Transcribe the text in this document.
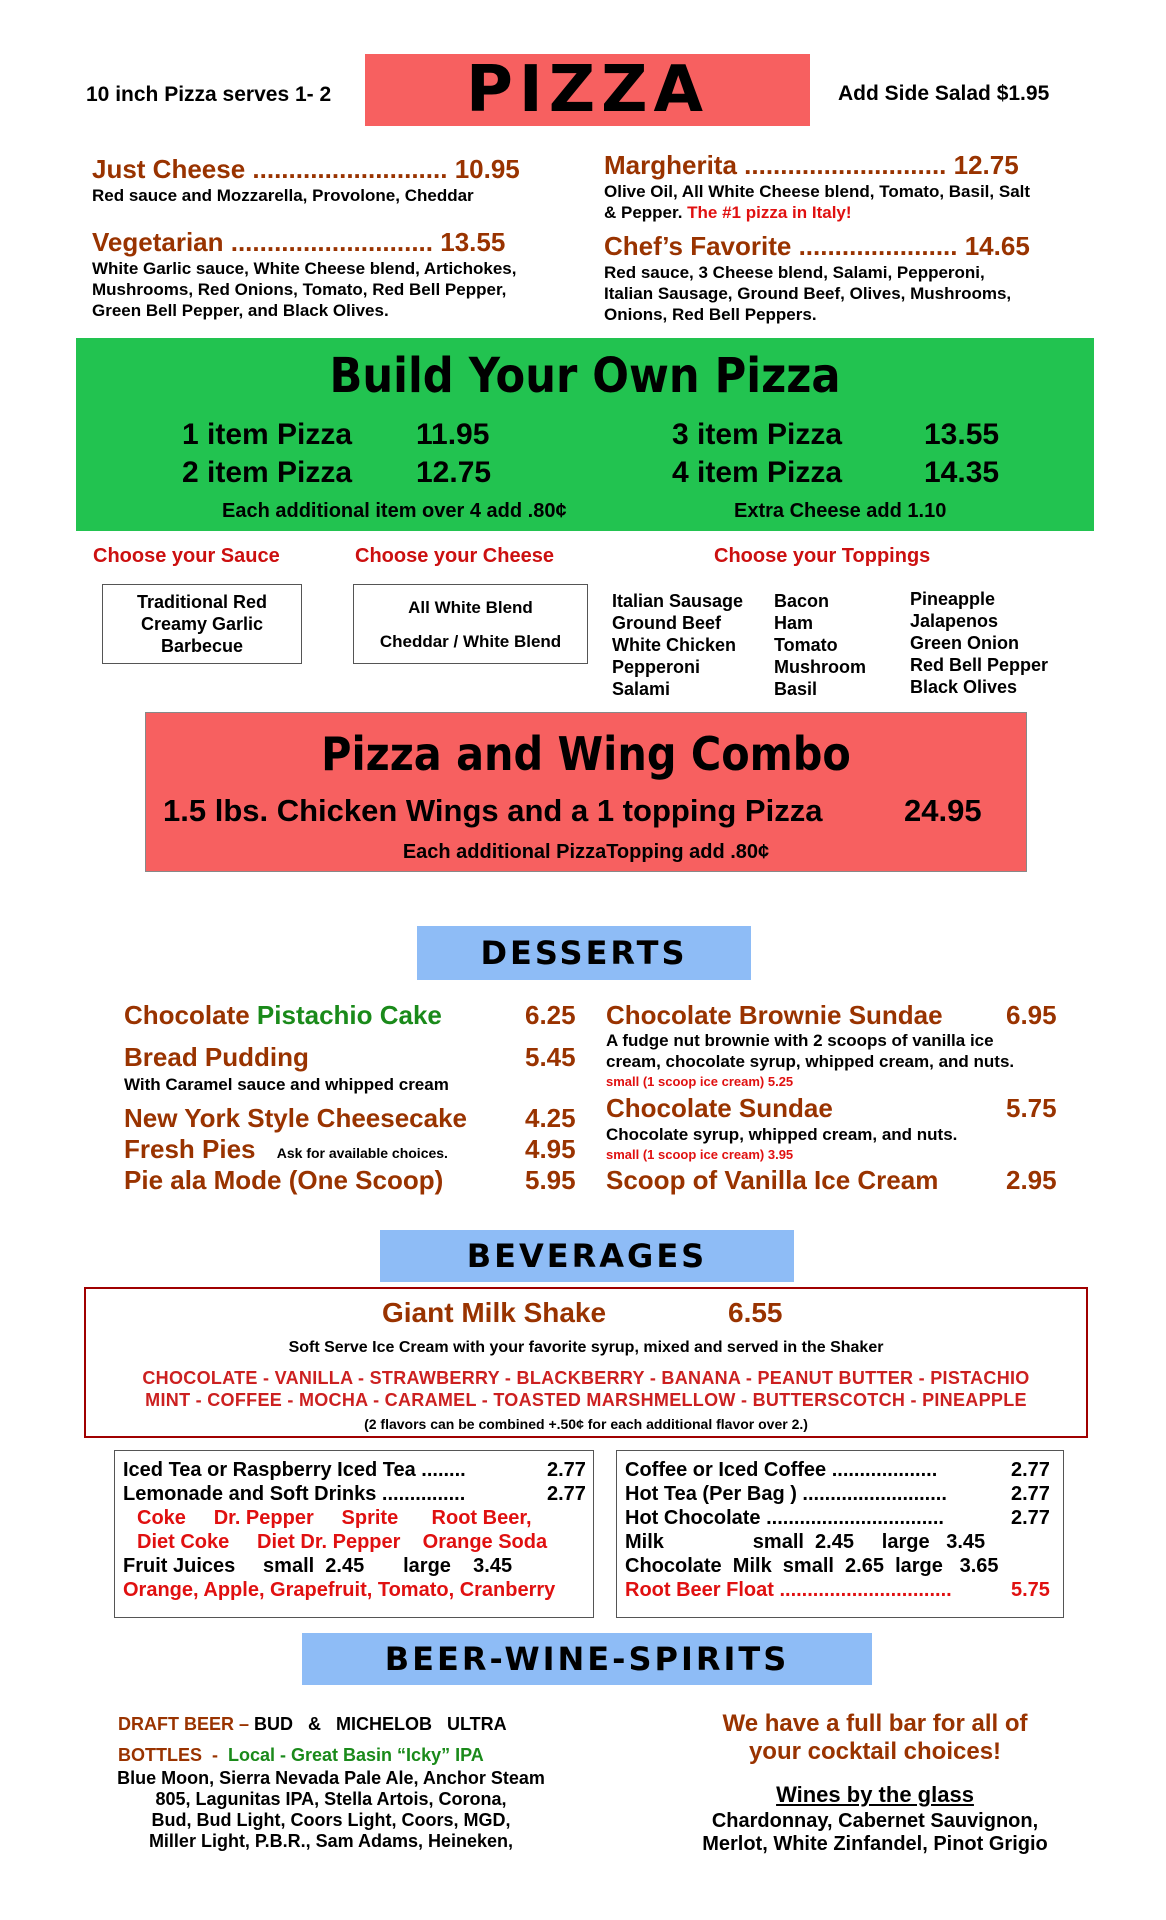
10 inch Pizza serves 1- 2	PIZZA	Add Side Salad $1.95
Just Cheese ........................... 10.95
Red sauce and Mozzarella, Provolone, Cheddar
Vegetarian ............................ 13.55
White Garlic sauce, White Cheese blend, Artichokes,
Mushrooms, Red Onions, Tomato, Red Bell Pepper,
Green Bell Pepper, and Black Olives.
Margherita ............................ 12.75
Olive Oil, All White Cheese blend, Tomato, Basil, Salt
& Pepper. The #1 pizza in Italy!
Chef’s Favorite ...................... 14.65
Red sauce, 3 Cheese blend, Salami, Pepperoni,
Italian Sausage, Ground Beef, Olives, Mushrooms,
Onions, Red Bell Peppers.
Build Your Own Pizza
1 item Pizza 11.95
2 item Pizza 12.75
3 item Pizza	13.55
4 item Pizza	14.35
Each additional item over 4 add .80¢	Extra Cheese add 1.10
Choose your Sauce
Traditional Red
Creamy Garlic
Barbecue
Choose your Cheese
All White Blend
Cheddar / White Blend
Choose your Toppings
Italian Sausage
Ground Beef
White Chicken
Pepperoni
Salami
Bacon
Ham
Tomato
Mushroom
Basil
Pineapple
Jalapenos
Green Onion
Red Bell Pepper
Black Olives
Pizza and Wing Combo
1.5 lbs. Chicken Wings and a 1 topping Pizza	24.95
Each additional PizzaTopping add .80¢
DESSERTS
Chocolate Pistachio Cake	6.25
Bread Pudding	5.45
With Caramel sauce and whipped cream
New York Style Cheesecake 4.25
Fresh Pies Ask for available choices.	4.95
Pie ala Mode (One Scoop)	5.95
Chocolate Brownie Sundae 6.95
A fudge nut brownie with 2 scoops of vanilla ice
cream, chocolate syrup, whipped cream, and nuts.
small (1 scoop ice cream) 5.25
Chocolate Sundae	5.75
Chocolate syrup, whipped cream, and nuts.
small (1 scoop ice cream) 3.95
Scoop of Vanilla Ice Cream	2.95
BEVERAGES
Giant Milk Shake	6.55
Soft Serve Ice Cream with your favorite syrup, mixed and served in the Shaker
CHOCOLATE - VANILLA - STRAWBERRY - BLACKBERRY - BANANA - PEANUT BUTTER - PISTACHIO
MINT - COFFEE - MOCHA - CARAMEL - TOASTED MARSHMELLOW - BUTTERSCOTCH - PINEAPPLE
(2 flavors can be combined +.50¢ for each additional flavor over 2.)
Iced Tea or Raspberry Iced Tea ........	2.77
Lemonade and Soft Drinks ...............	2.77
Coke     Dr. Pepper     Sprite      Root Beer,
Diet Coke     Diet Dr. Pepper    Orange Soda
Fruit Juices     small  2.45       large    3.45
Orange, Apple, Grapefruit, Tomato, Cranberry
Coffee or Iced Coffee ...................	2.77
Hot Tea (Per Bag ) ..........................	2.77
Hot Chocolate ................................	2.77
Milk                small  2.45     large   3.45
Chocolate  Milk  small  2.65  large   3.65
Root Beer Float ...............................	5.75
BEER-WINE-SPIRITS
DRAFT BEER – BUD   &   MICHELOB   ULTRA
BOTTLES  -  Local - Great Basin “Icky” IPA
Blue Moon, Sierra Nevada Pale Ale, Anchor Steam
805, Lagunitas IPA, Stella Artois, Corona,
Bud, Bud Light, Coors Light, Coors, MGD,
Miller Light, P.B.R., Sam Adams, Heineken,
We have a full bar for all of
your cocktail choices!
Wines by the glass
Chardonnay, Cabernet Sauvignon,
Merlot, White Zinfandel, Pinot Grigio
